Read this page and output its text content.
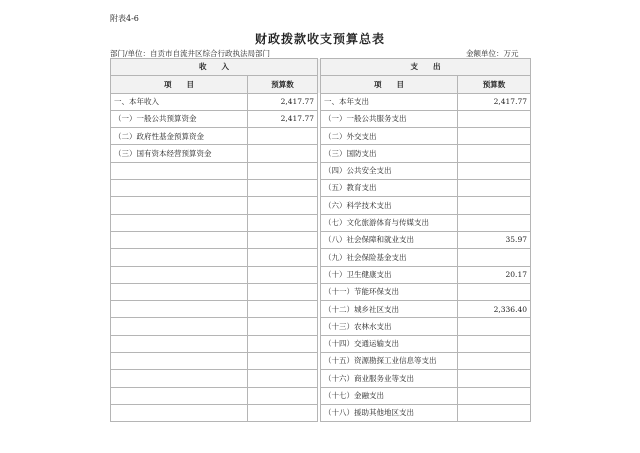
附表4-6
财政拨款收支预算总表
部门/单位：自贡市自流井区综合行政执法局部门	金额单位：万元
收　　入			支　　出	
项　　目	预算数		项　　目	预算数
一、本年收入	2,417.77		一、本年支出	2,417.77
（一）一般公共预算资金	2,417.77		（一）一般公共服务支出	
（二）政府性基金预算资金			（二）外交支出	
（三）国有资本经营预算资金			（三）国防支出	
			（四）公共安全支出	
			（五）教育支出	
			（六）科学技术支出	
			（七）文化旅游体育与传媒支出	
			（八）社会保障和就业支出	35.97
			（九）社会保险基金支出	
			（十）卫生健康支出	20.17
			（十一）节能环保支出	
			（十二）城乡社区支出	2,336.40
			（十三）农林水支出	
			（十四）交通运输支出	
			（十五）资源勘探工业信息等支出	
			（十六）商业服务业等支出	
			（十七）金融支出	
			（十八）援助其他地区支出	
